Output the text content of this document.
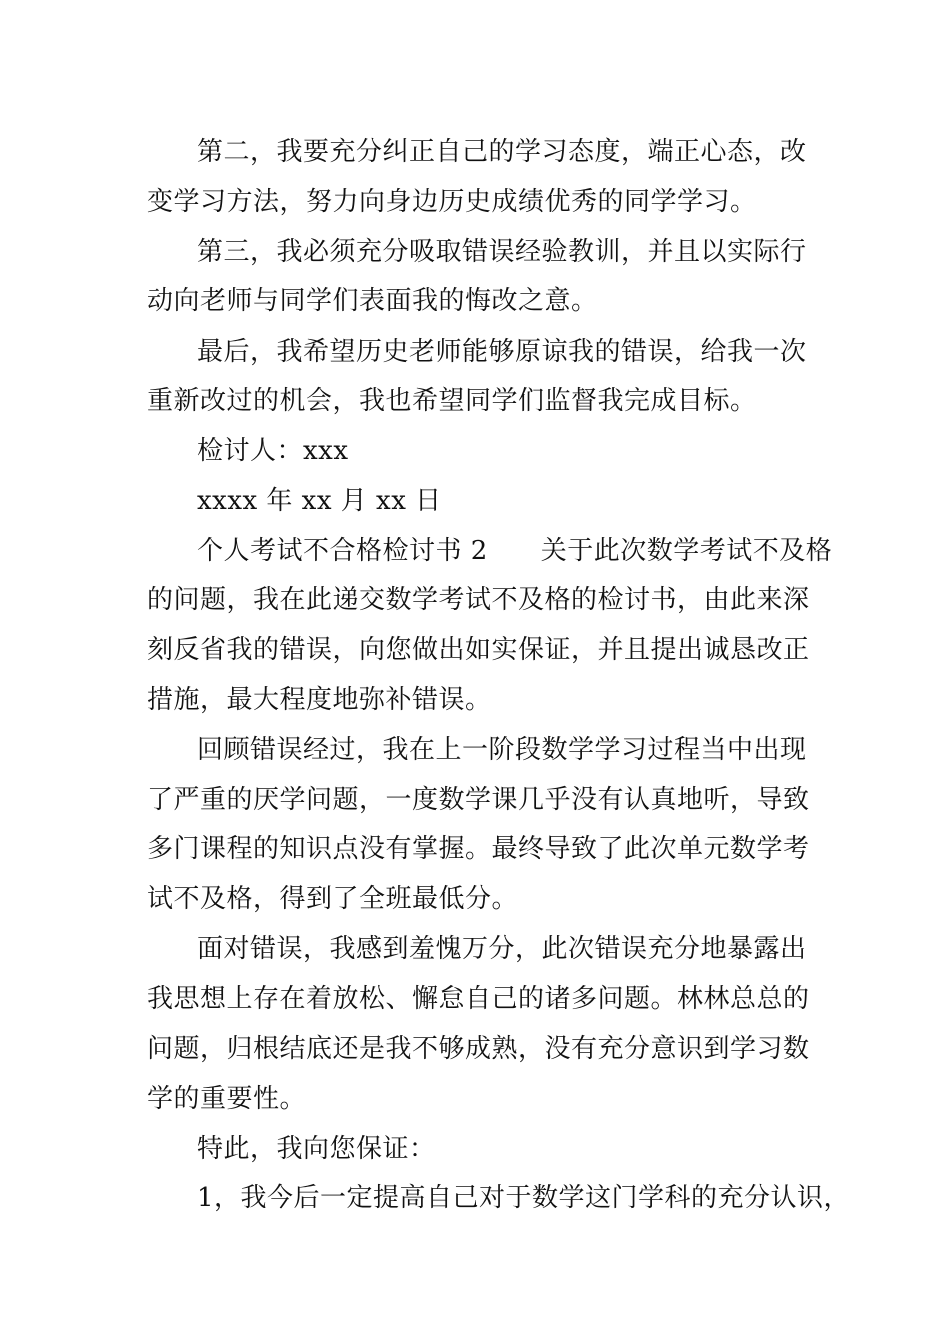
第二，我要充分纠正自己的学习态度，端正心态，改
变学习方法，努力向身边历史成绩优秀的同学学习。
第三，我必须充分吸取错误经验教训，并且以实际行
动向老师与同学们表面我的悔改之意。
最后，我希望历史老师能够原谅我的错误，给我一次
重新改过的机会，我也希望同学们监督我完成目标。
检讨人：xxx
xxxx 年 xx 月 xx 日
个人考试不合格检讨书 2　　关于此次数学考试不及格
的问题，我在此递交数学考试不及格的检讨书，由此来深
刻反省我的错误，向您做出如实保证，并且提出诚恳改正
措施，最大程度地弥补错误。
回顾错误经过，我在上一阶段数学学习过程当中出现
了严重的厌学问题，一度数学课几乎没有认真地听，导致
多门课程的知识点没有掌握。最终导致了此次单元数学考
试不及格，得到了全班最低分。
面对错误，我感到羞愧万分，此次错误充分地暴露出
我思想上存在着放松、懈怠自己的诸多问题。林林总总的
问题，归根结底还是我不够成熟，没有充分意识到学习数
学的重要性。
特此，我向您保证：
1，我今后一定提高自己对于数学这门学科的充分认识，
